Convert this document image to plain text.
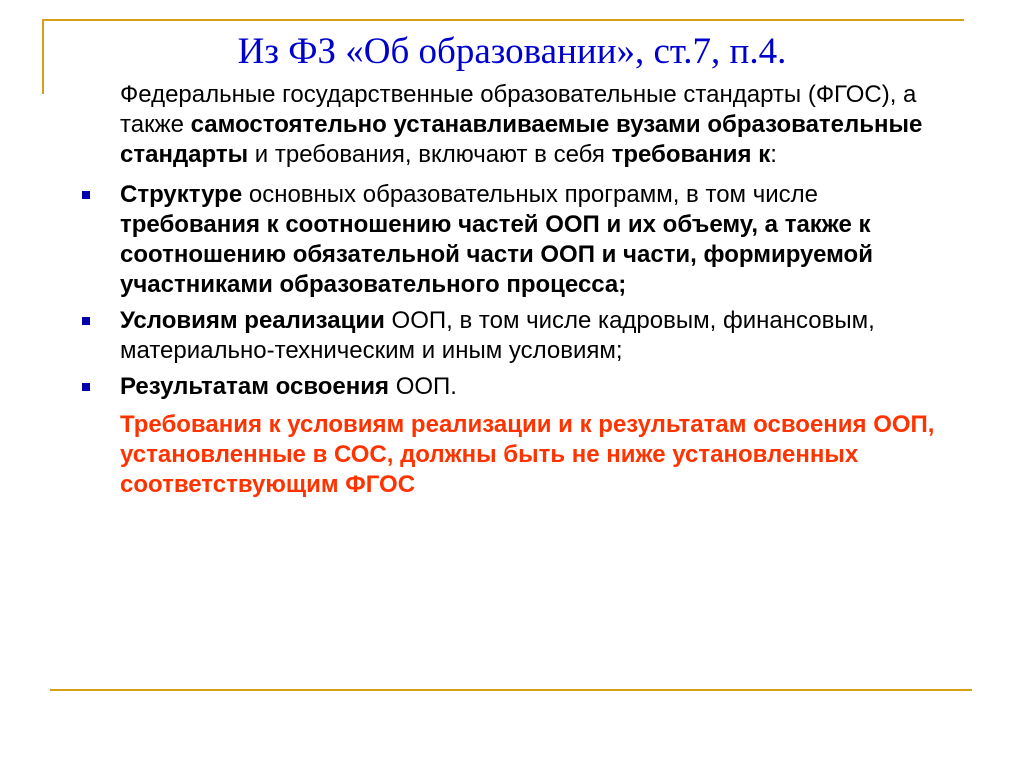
Из ФЗ «Об образовании», ст.7, п.4.

Федеральные государственные образовательные стандарты (ФГОС), а также самостоятельно устанавливаемые вузами образовательные стандарты и требования, включают в себя требования к:

Структуре основных образовательных программ, в том числе требования к соотношению частей ООП и их объему, а также к соотношению обязательной части ООП и части, формируемой участниками образовательного процесса;

Условиям реализации ООП, в том числе кадровым, финансовым, материально-техническим и иным условиям;

Результатам освоения ООП.

Требования к условиям реализации и к результатам освоения ООП, установленные в СОС, должны быть не ниже установленных соответствующим ФГОС
